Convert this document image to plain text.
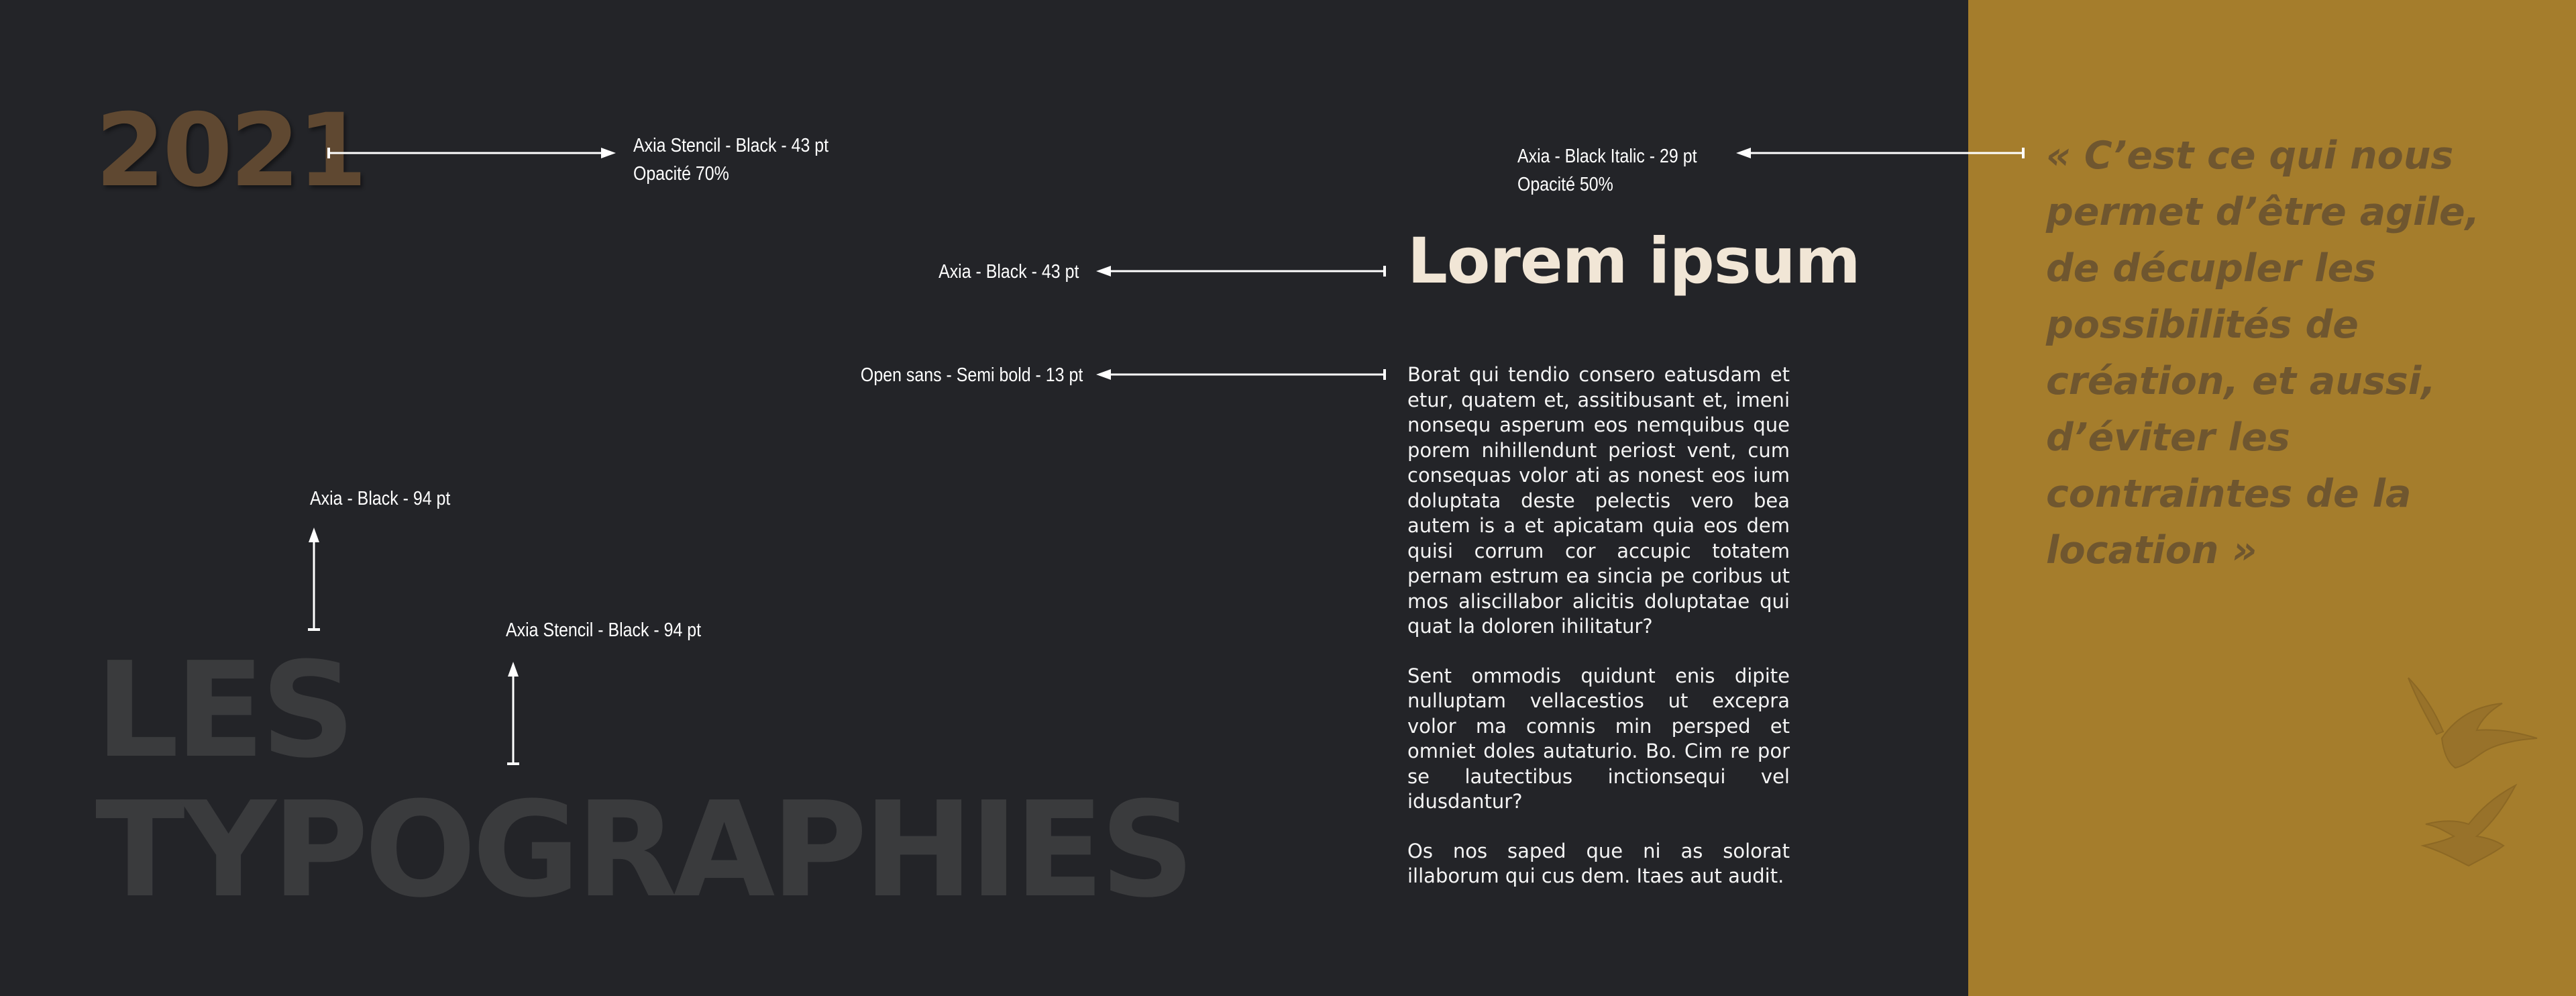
2021	Axia Stencil - Black - 43 pt
Opacité 70%
Axia - Black Italic - 29 pt
Opacité 50%
Axia - Black - 43 pt	Lorem ipsum
Open sans - Semi bold - 13 pt	Borat qui tendio consero eatusdam et etur, quatem et, assitibusant et, imeni nonsequ asperum eos nemquibus que porem nihillendunt periost vent, cum consequas volor ati as nonest eos ium doluptata deste pelectis vero bea autem is a et apicatam quia eos dem quisi corrum cor accupic totatem pernam estrum ea sincia pe coribus ut mos aliscillabor alicitis doluptatae qui quat la doloren ihilitatur?

Sent ommodis quidunt enis dipite nulluptam vellacestios ut excepra volor ma comnis min persped et omniet doles autaturio. Bo. Cim re por se lautectibus inctionsequi vel idusdantur?

Os nos saped que ni as solorat illaborum qui cus dem. Itaes aut audit.

« C’est ce qui nous permet d’être agile, de décupler les possibilités de création, et aussi, d’éviter les contraintes de la location »

Axia - Black - 94 pt
Axia Stencil - Black - 94 pt
LES
TYPOGRAPHIES
